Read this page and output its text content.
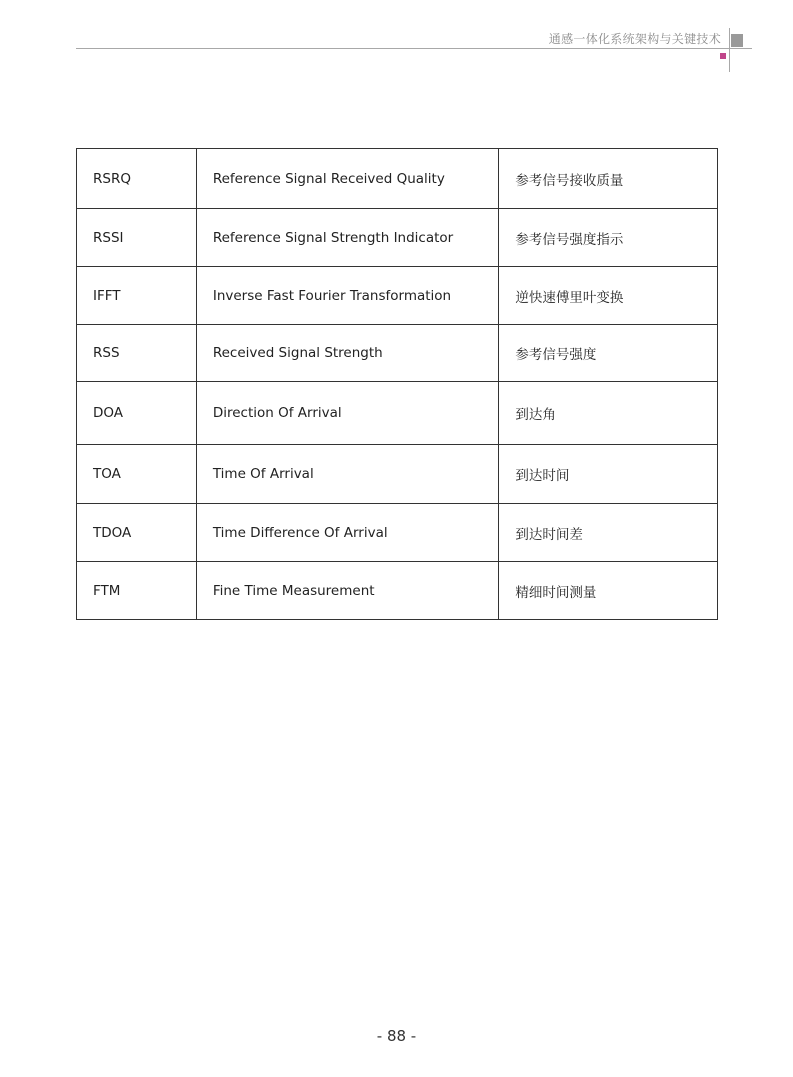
通感一体化系统架构与关键技术
RSRQ	Reference Signal Received Quality	参考信号接收质量
RSSI	Reference Signal Strength Indicator	参考信号强度指示
IFFT	Inverse Fast Fourier Transformation	逆快速傅里叶变换
RSS	Received Signal Strength	参考信号强度
DOA	Direction Of Arrival	到达角
TOA	Time Of Arrival	到达时间
TDOA	Time Difference Of Arrival	到达时间差
FTM	Fine Time Measurement	精细时间测量
- 88 -
